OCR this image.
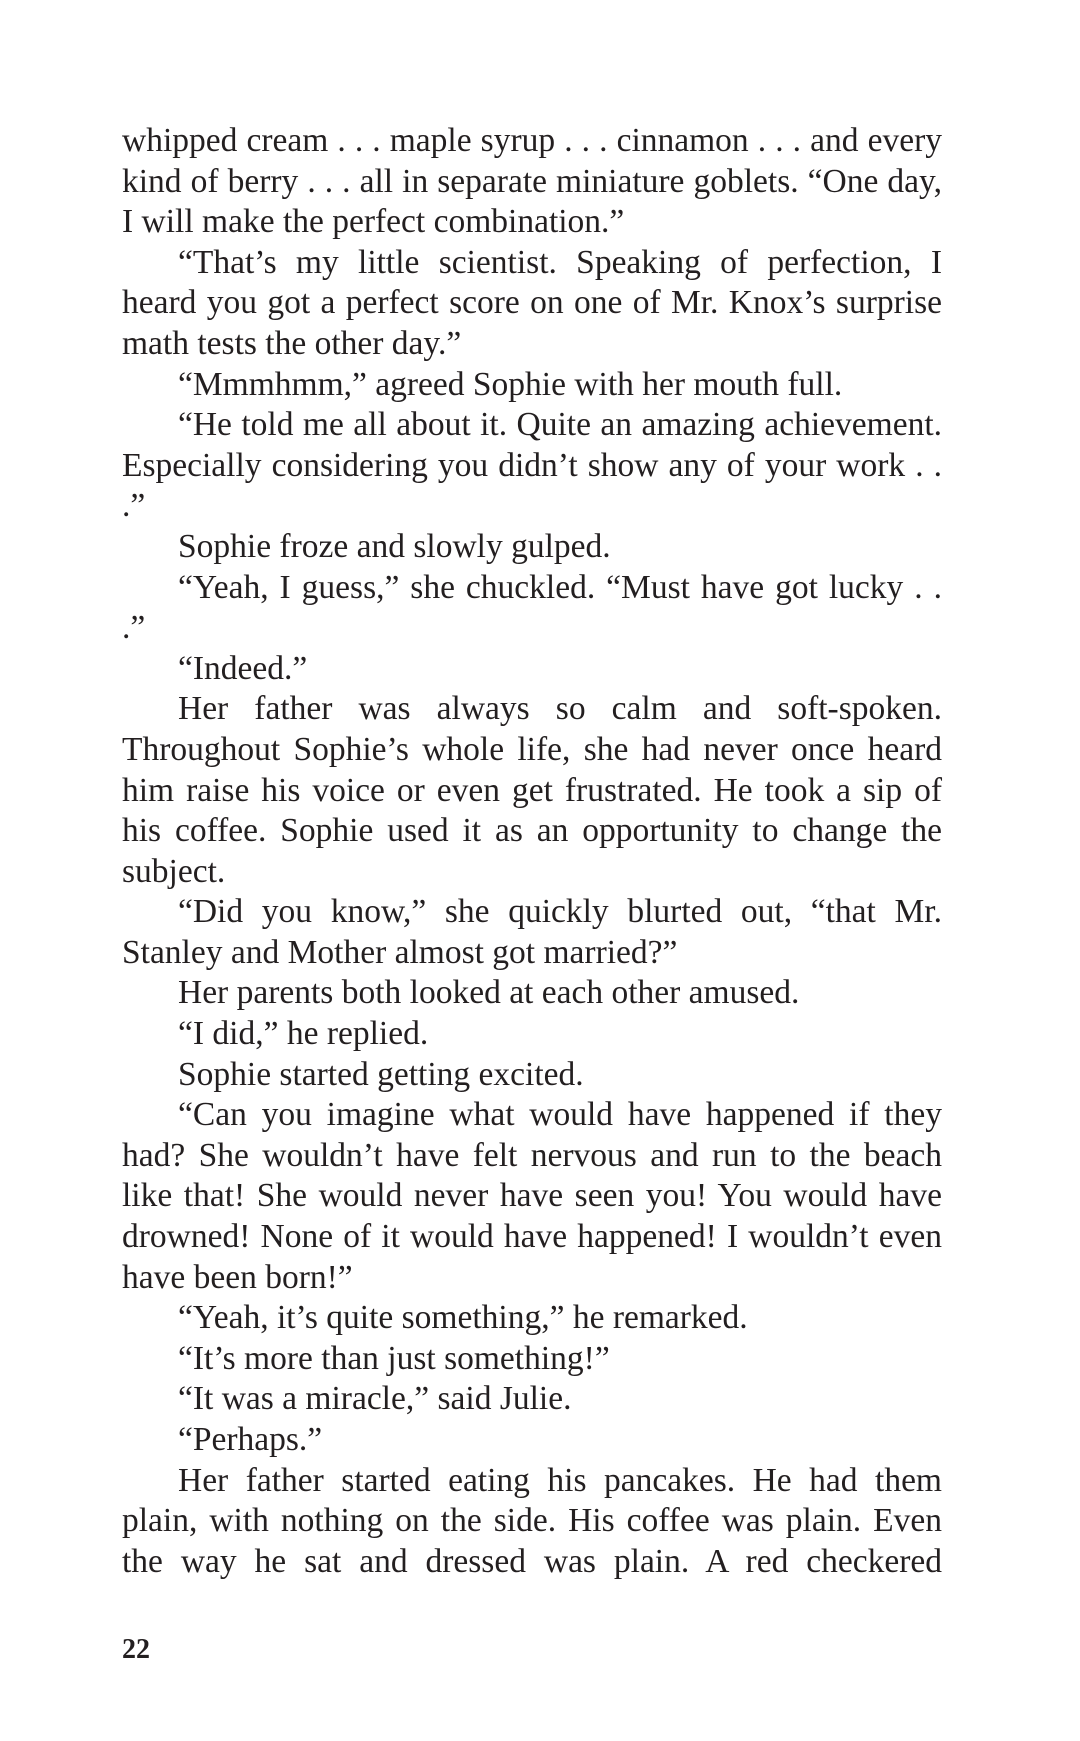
whipped cream . . . maple syrup . . . cinnamon . . . and every kind of berry . . . all in separate miniature goblets. “One day, I will make the perfect combination.”

“That’s my little scientist. Speaking of perfection, I heard you got a perfect score on one of Mr. Knox’s surprise math tests the other day.”

“Mmmhmm,” agreed Sophie with her mouth full.

“He told me all about it. Quite an amazing achievement. Especially considering you didn’t show any of your work . . .”

Sophie froze and slowly gulped.

“Yeah, I guess,” she chuckled. “Must have got lucky . . .”

“Indeed.”

Her father was always so calm and soft-spoken. Throughout Sophie’s whole life, she had never once heard him raise his voice or even get frustrated. He took a sip of his coffee. Sophie used it as an opportunity to change the subject.

“Did you know,” she quickly blurted out, “that Mr. Stanley and Mother almost got married?”

Her parents both looked at each other amused.

“I did,” he replied.

Sophie started getting excited.

“Can you imagine what would have happened if they had? She wouldn’t have felt nervous and run to the beach like that! She would never have seen you! You would have drowned! None of it would have happened! I wouldn’t even have been born!”

“Yeah, it’s quite something,” he remarked.

“It’s more than just something!”

“It was a miracle,” said Julie.

“Perhaps.”

Her father started eating his pancakes. He had them plain, with nothing on the side. His coffee was plain. Even the way he sat and dressed was plain. A red checkered

22
